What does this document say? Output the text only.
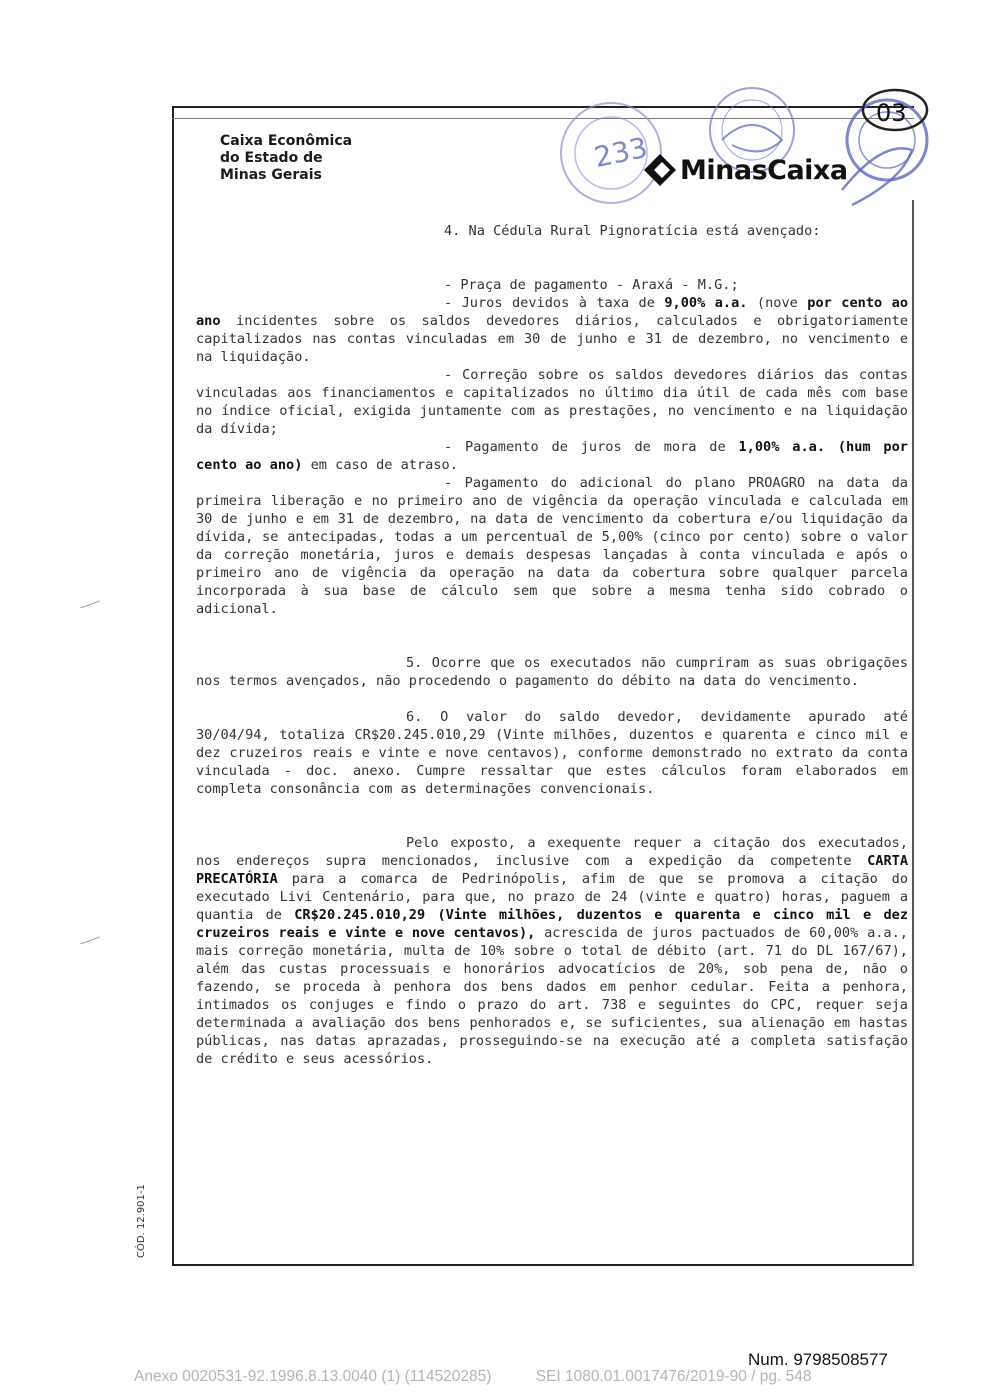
Caixa Econômica
do Estado de
Minas Gerais
233
03
MinasCaixa

4. Na Cédula Rural Pignoratícia está avençado:

- Praça de pagamento - Araxá - M.G.;

- Juros devidos à taxa de 9,00% a.a. (nove por cento ao ano incidentes sobre os saldos devedores diários, calculados e obrigatoriamente capitalizados nas contas vinculadas em 30 de junho e 31 de dezembro, no vencimento e na liquidação.

- Correção sobre os saldos devedores diários das contas vinculadas aos financiamentos e capitalizados no último dia útil de cada mês com base no índice oficial, exigida juntamente com as prestações, no vencimento e na liquidação da dívida;

- Pagamento de juros de mora de 1,00% a.a. (hum por cento ao ano) em caso de atraso.

- Pagamento do adicional do plano PROAGRO na data da primeira liberação e no primeiro ano de vigência da operação vinculada e calculada em 30 de junho e em 31 de dezembro, na data de vencimento da cobertura e/ou liquidação da dívida, se antecipadas, todas a um percentual de 5,00% (cinco por cento) sobre o valor da correção monetária, juros e demais despesas lançadas à conta vinculada e após o primeiro ano de vigência da operação na data da cobertura sobre qualquer parcela incorporada à sua base de cálculo sem que sobre a mesma tenha sido cobrado o adicional.

5. Ocorre que os executados não cumpriram as suas obrigações nos termos avençados, não procedendo o pagamento do débito na data do vencimento.

6. O valor do saldo devedor, devidamente apurado até 30/04/94, totaliza CR$20.245.010,29 (Vinte milhões, duzentos e quarenta e cinco mil e dez cruzeiros reais e vinte e nove centavos), conforme demonstrado no extrato da conta vinculada - doc. anexo. Cumpre ressaltar que estes cálculos foram elaborados em completa consonância com as determinações convencionais.

Pelo exposto, a exequente requer a citação dos executados, nos endereços supra mencionados, inclusive com a expedição da competente CARTA PRECATÓRIA para a comarca de Pedrinópolis, afim de que se promova a citação do executado Livi Centenário, para que, no prazo de 24 (vinte e quatro) horas, paguem a quantia de CR$20.245.010,29 (Vinte milhões, duzentos e quarenta e cinco mil e dez cruzeiros reais e vinte e nove centavos), acrescida de juros pactuados de 60,00% a.a., mais correção monetária, multa de 10% sobre o total de débito (art. 71 do DL 167/67), além das custas processuais e honorários advocatícios de 20%, sob pena de, não o fazendo, se proceda à penhora dos bens dados em penhor cedular. Feita a penhora, intimados os conjuges e findo o prazo do art. 738 e seguintes do CPC, requer seja determinada a avaliação dos bens penhorados e, se suficientes, sua alienação em hastas públicas, nas datas aprazadas, prosseguindo-se na execução até a completa satisfação de crédito e seus acessórios.

CÓD. 12.901-1
Num. 9798508577
Anexo 0020531-92.1996.8.13.0040 (1) (114520285)	SEI 1080.01.0017476/2019-90 / pg. 548
